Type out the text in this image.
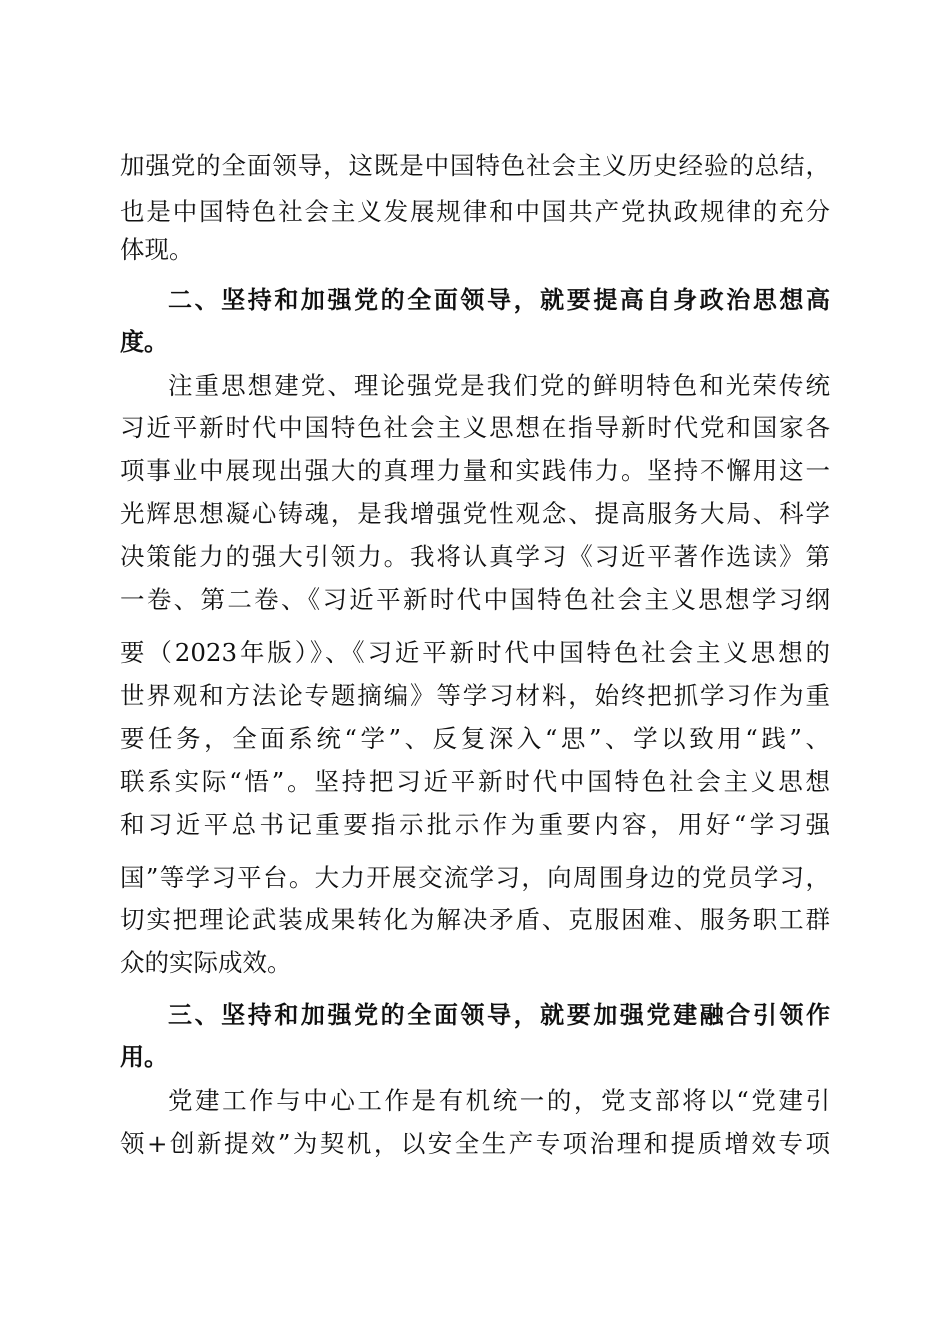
加强党的全面领导，这既是中国特色社会主义历史经验的总结，
也是中国特色社会主义发展规律和中国共产党执政规律的充分
体现。
二、坚持和加强党的全面领导，就要提高自身政治思想高
度。
注重思想建党、理论强党是我们党的鲜明特色和光荣传统
习近平新时代中国特色社会主义思想在指导新时代党和国家各
项事业中展现出强大的真理力量和实践伟力。坚持不懈用这一
光辉思想凝心铸魂，是我增强党性观念、提高服务大局、科学
决策能力的强大引领力。我将认真学习《习近平著作选读》第
一卷、第二卷、《习近平新时代中国特色社会主义思想学习纲
要（2023年版）》、《习近平新时代中国特色社会主义思想的
世界观和方法论专题摘编》等学习材料，始终把抓学习作为重
要任务，全面系统“学”、反复深入“思”、学以致用“践”、
联系实际“悟”。坚持把习近平新时代中国特色社会主义思想
和习近平总书记重要指示批示作为重要内容，用好“学习强
国”等学习平台。大力开展交流学习，向周围身边的党员学习，
切实把理论武装成果转化为解决矛盾、克服困难、服务职工群
众的实际成效。
三、坚持和加强党的全面领导，就要加强党建融合引领作
用。
党建工作与中心工作是有机统一的，党支部将以“党建引
领+创新提效”为契机，以安全生产专项治理和提质增效专项
